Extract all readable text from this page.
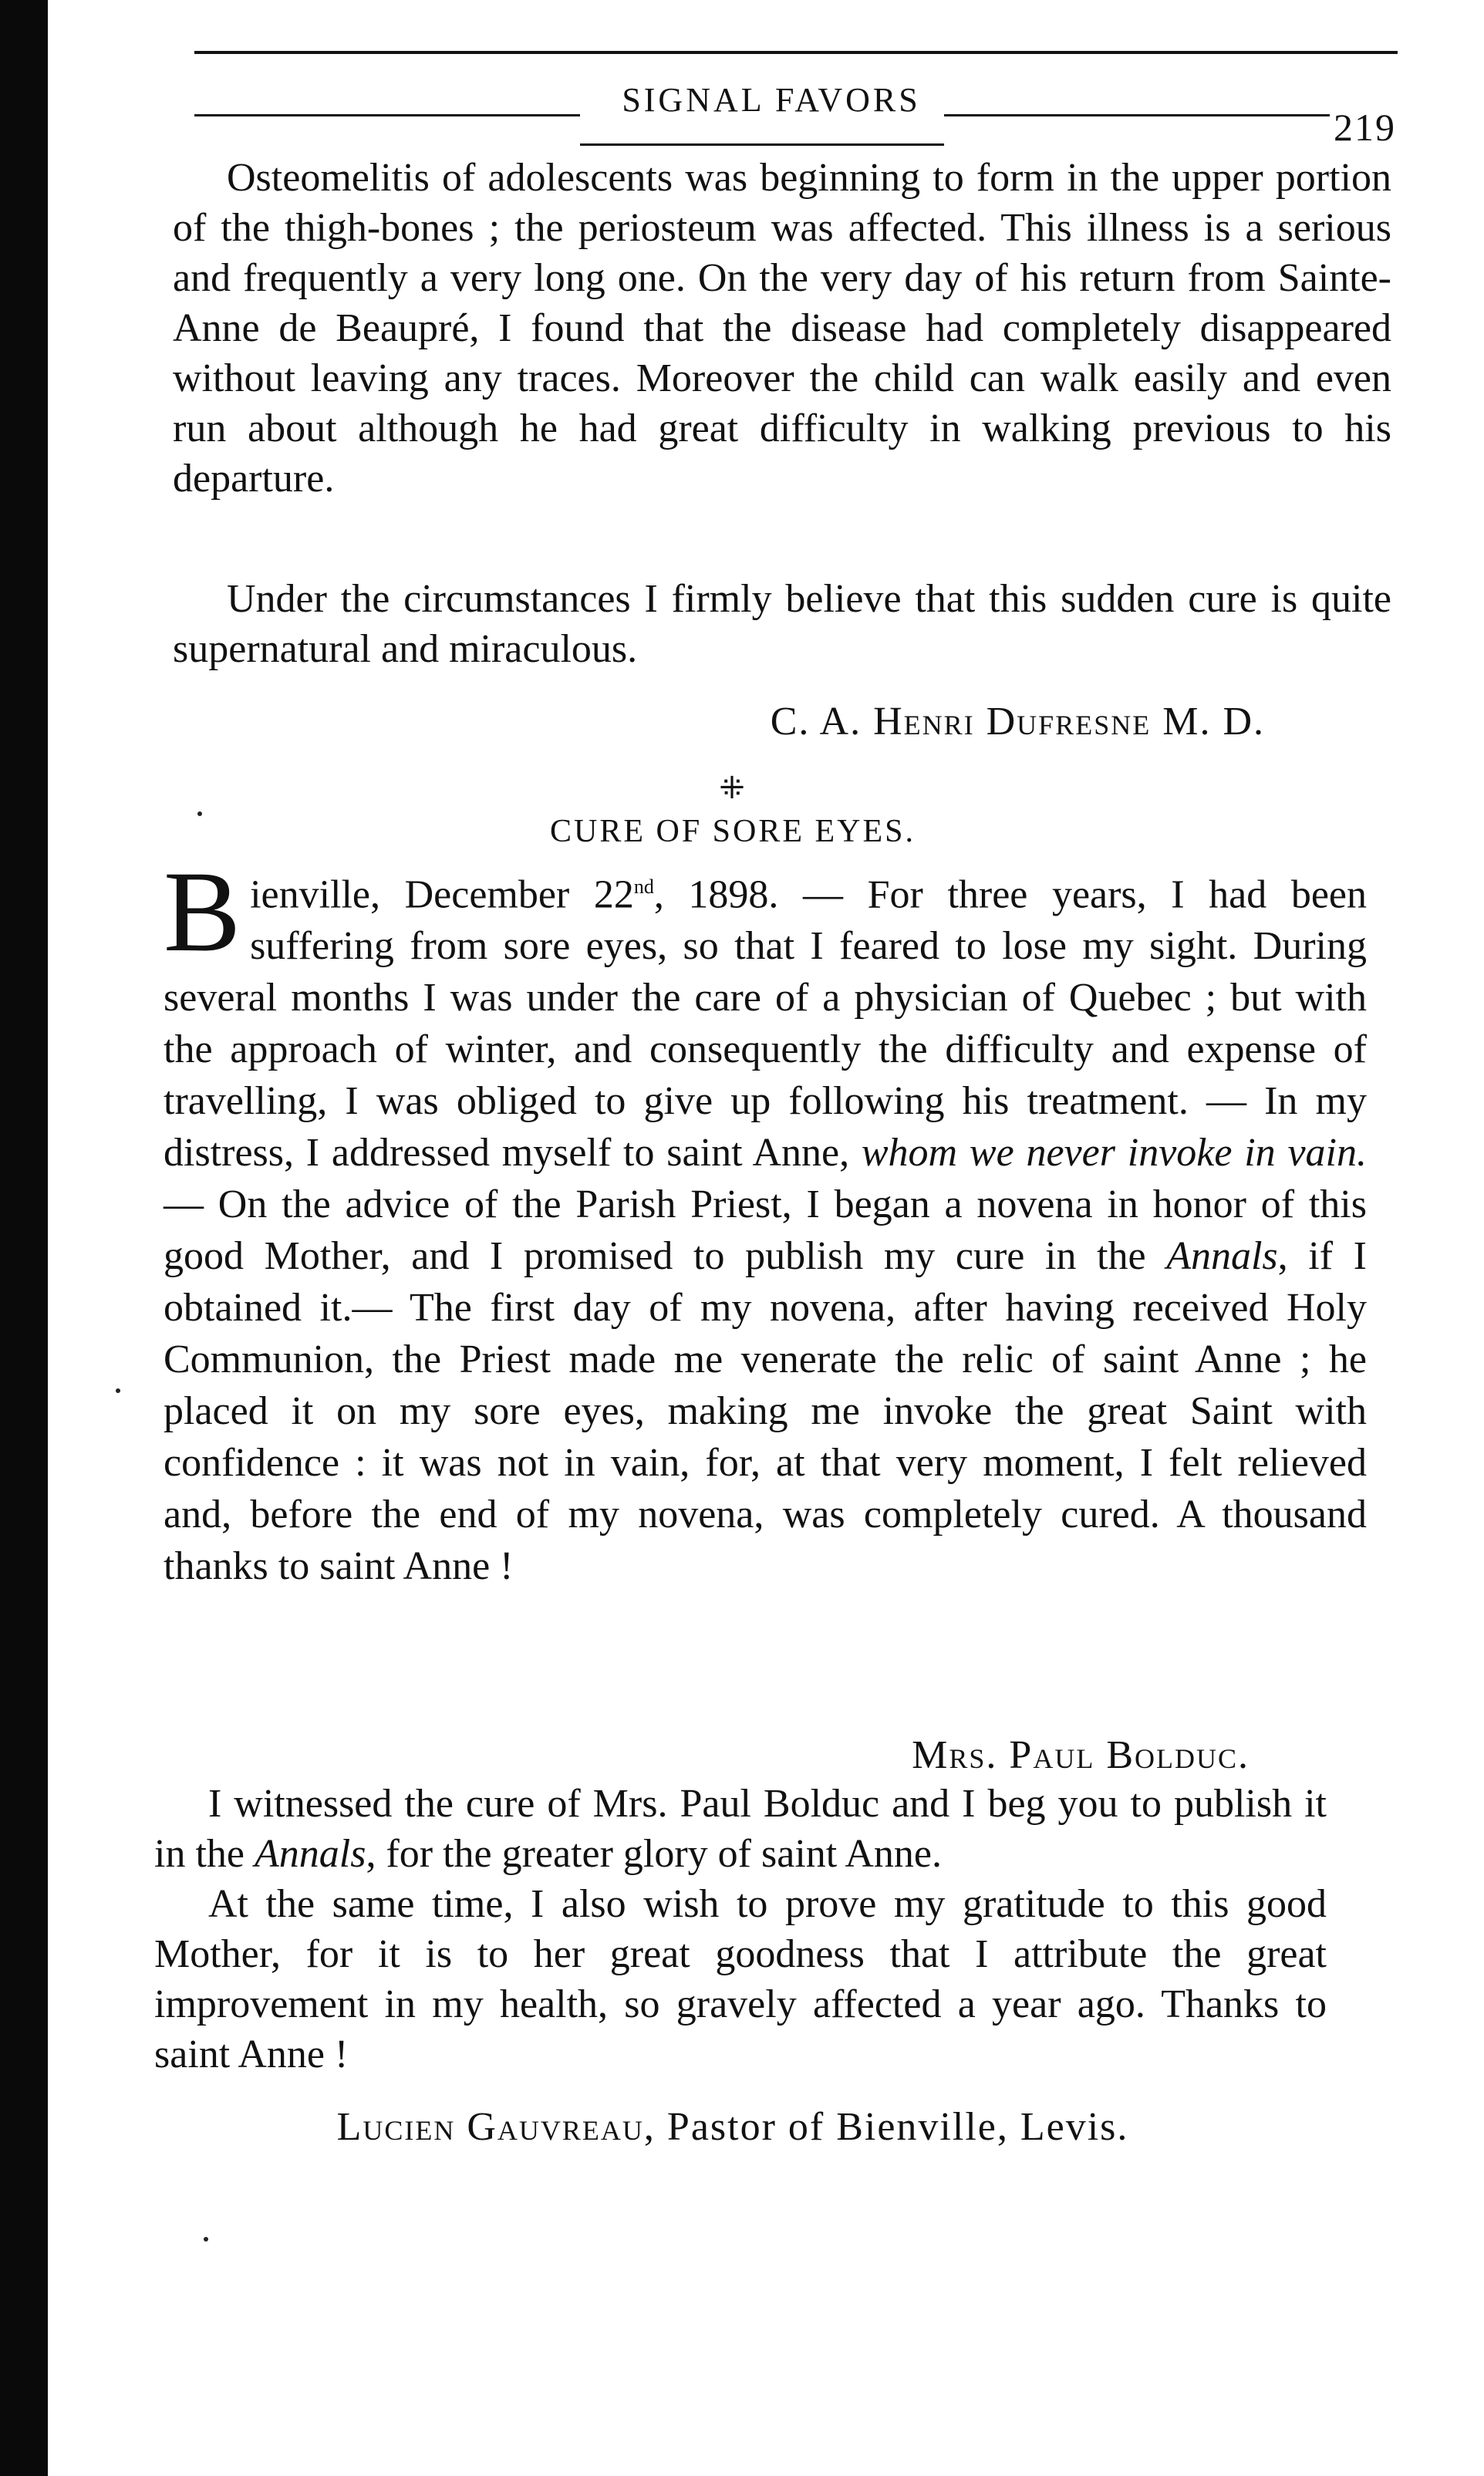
SIGNAL FAVORS
219

Osteomelitis of adolescents was beginning to form in the upper portion of the thigh-bones ; the periosteum was affected. This illness is a serious and frequently a very long one. On the very day of his return from Sainte-Anne de Beaupré, I found that the disease had completely disappeared without leaving any traces. Moreover the child can walk easily and even run about although he had great difficulty in walking previous to his departure.

Under the circumstances I firmly believe that this sudden cure is quite supernatural and miraculous.

C. A. Henri Dufresne M. D.
⁜
CURE OF SORE EYES.

Bienville, December 22nd, 1898. — For three years, I had been suffering from sore eyes, so that I feared to lose my sight. During several months I was under the care of a physician of Quebec ; but with the approach of winter, and consequently the difficulty and expense of travelling, I was obliged to give up following his treatment. — In my distress, I addressed myself to saint Anne, whom we never invoke in vain. — On the advice of the Parish Priest, I began a novena in honor of this good Mother, and I promised to publish my cure in the Annals, if I obtained it.— The first day of my novena, after having received Holy Communion, the Priest made me venerate the relic of saint Anne ; he placed it on my sore eyes, making me invoke the great Saint with confidence : it was not in vain, for, at that very moment, I felt relieved and, before the end of my novena, was completely cured. A thousand thanks to saint Anne !

Mrs. Paul Bolduc.

I witnessed the cure of Mrs. Paul Bolduc and I beg you to publish it in the Annals, for the greater glory of saint Anne.

At the same time, I also wish to prove my gratitude to this good Mother, for it is to her great goodness that I attribute the great improvement in my health, so gravely affected a year ago. Thanks to saint Anne !

Lucien Gauvreau, Pastor of Bienville, Levis.
